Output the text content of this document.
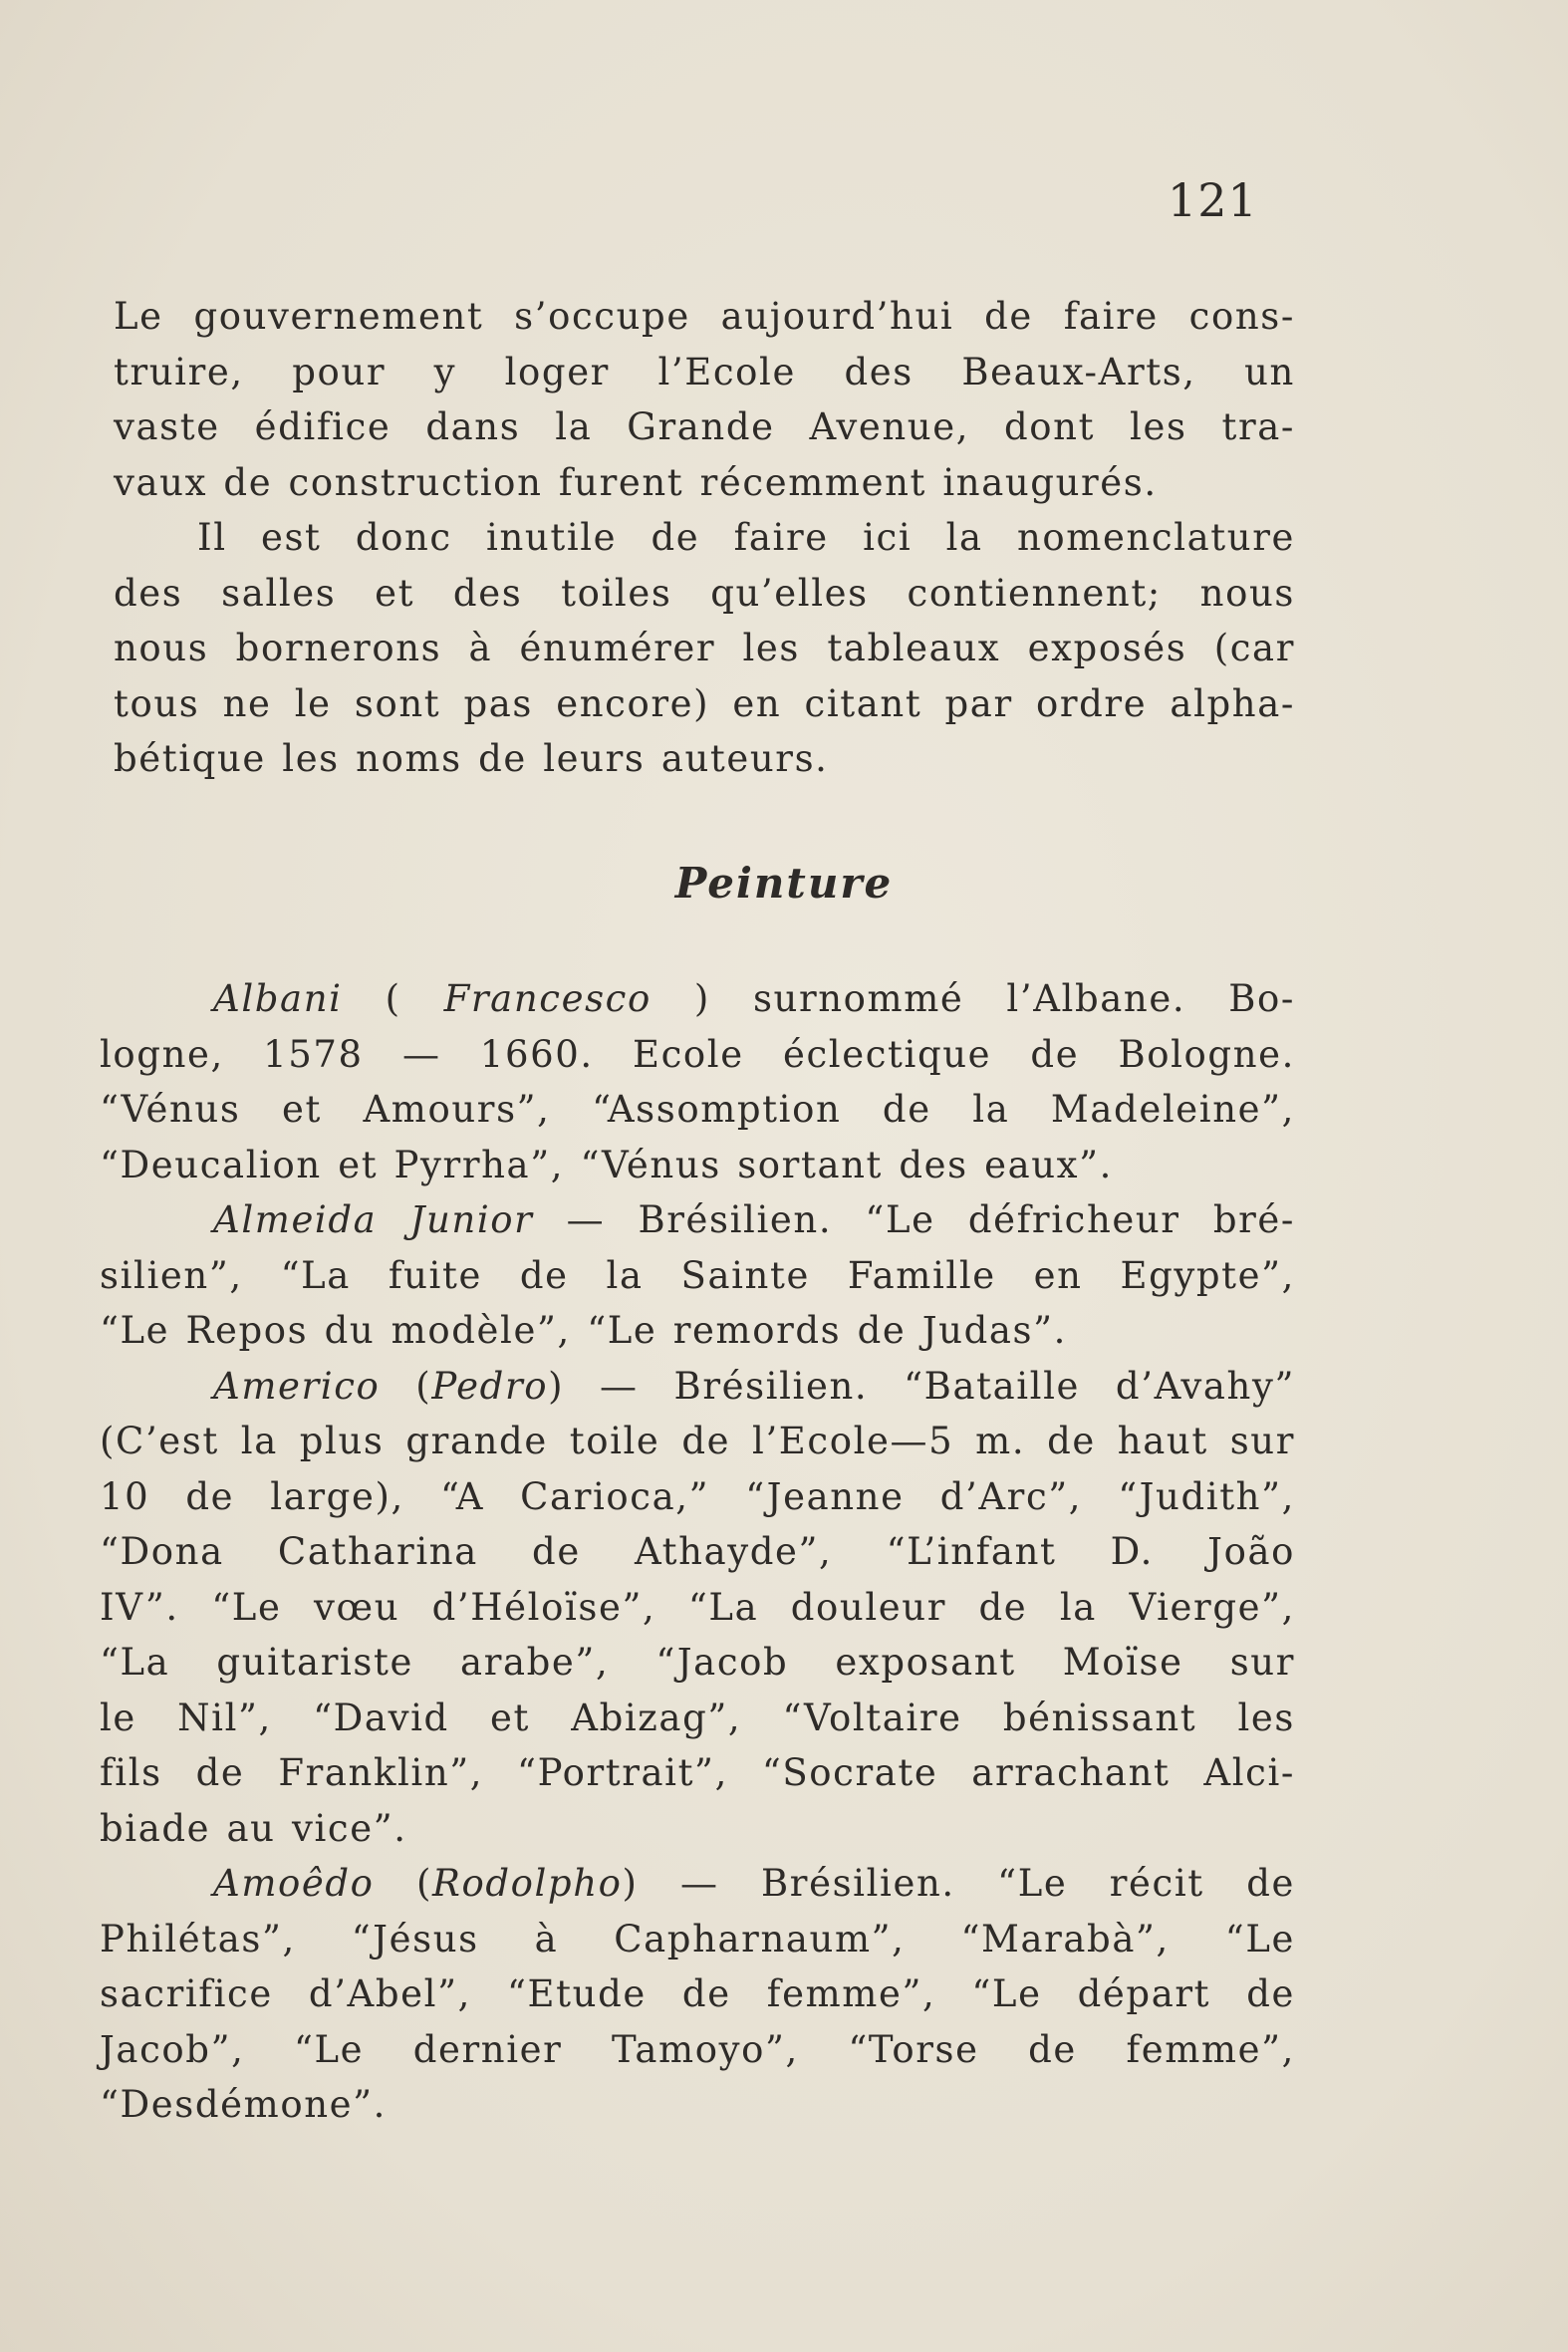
121
Le gouvernement s’occupe aujourd’hui de faire cons-
truire, pour y loger l’Ecole des Beaux-Arts, un
vaste édifice dans la Grande Avenue, dont les tra-
vaux de construction furent récemment inaugurés.
Il est donc inutile de faire ici la nomenclature
des salles et des toiles qu’elles contiennent; nous
nous bornerons à énumérer les tableaux exposés (car
tous ne le sont pas encore) en citant par ordre alpha-
bétique les noms de leurs auteurs.
Peinture
Albani ( Francesco ) surnommé l’Albane. Bo-
logne, 1578 — 1660. Ecole éclectique de Bologne.
“Vénus et Amours”, “Assomption de la Madeleine”,
“Deucalion et Pyrrha”, “Vénus sortant des eaux”.
Almeida Junior — Brésilien. “Le défricheur bré-
silien”, “La fuite de la Sainte Famille en Egypte”,
“Le Repos du modèle”, “Le remords de Judas”.
Americo (Pedro) — Brésilien. “Bataille d’Avahy”
(C’est la plus grande toile de l’Ecole—5 m. de haut sur
10 de large), “A Carioca,” “Jeanne d’Arc”, “Judith”,
“Dona Catharina de Athayde”, “L’infant D. João
IV”. “Le vœu d’Héloïse”, “La douleur de la Vierge”,
“La guitariste arabe”, “Jacob exposant Moïse sur
le Nil”, “David et Abizag”, “Voltaire bénissant les
fils de Franklin”, “Portrait”, “Socrate arrachant Alci-
biade au vice”.
Amoêdo (Rodolpho) — Brésilien. “Le récit de
Philétas”, “Jésus à Capharnaum”, “Marabà”, “Le
sacrifice d’Abel”, “Etude de femme”, “Le départ de
Jacob”, “Le dernier Tamoyo”, “Torse de femme”,
“Desdémone”.
